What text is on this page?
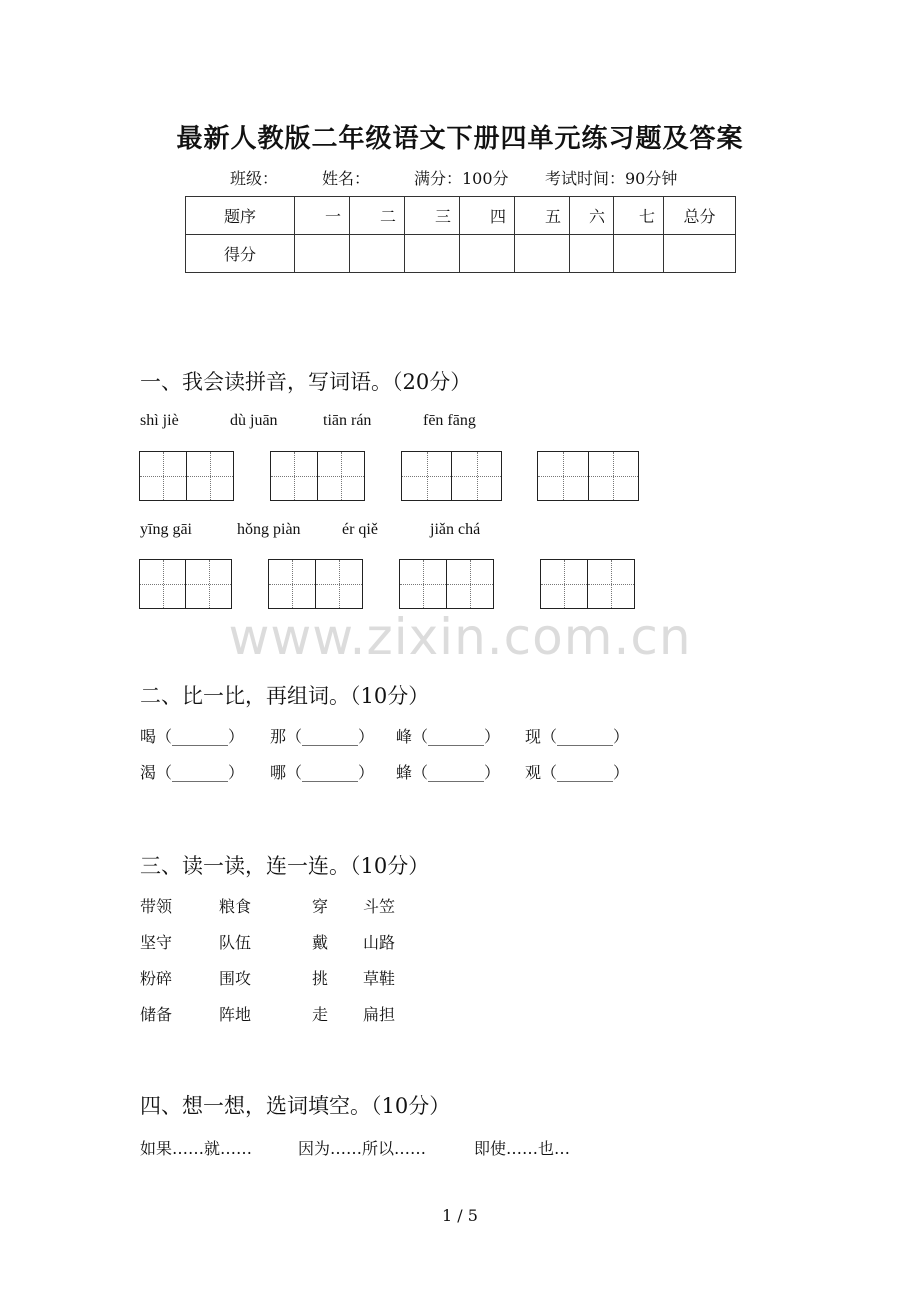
最新人教版二年级语文下册四单元练习题及答案
班级：	姓名：	满分：100分 考试时间：90分钟
题序	一	二	三	四	五	六	七	总分
得分								
一、我会读拼音，写词语。（20分）
shì jiè	dù juān	tiān rán	fēn fāng
yīng gāi	hǒng piàn	ér qiě	jiǎn chá
www.zixin.com.cn
二、比一比，再组词。（10分）
喝（_______） 那（_______） 峰（_______） 现（_______）
渴（_______） 哪（_______） 蜂（_______） 观（_______）
三、读一读，连一连。（10分）
带领	粮食	穿 斗笠
坚守	队伍	戴 山路
粉碎	围攻	挑 草鞋
储备	阵地	走 扁担
四、想一想，选词填空。（10分）
如果……就……	因为……所以……	即使……也…
1 / 5
